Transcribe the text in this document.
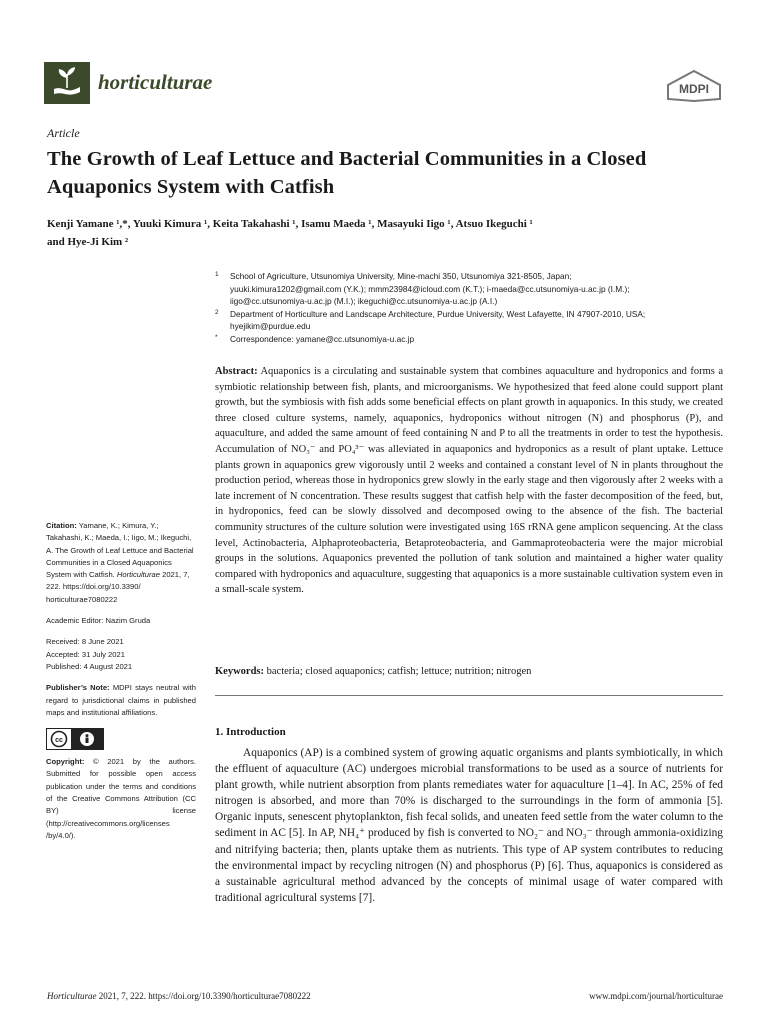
horticulturae	MDPI
Article
The Growth of Leaf Lettuce and Bacterial Communities in a Closed Aquaponics System with Catfish
Kenji Yamane ¹,*, Yuuki Kimura ¹, Keita Takahashi ¹, Isamu Maeda ¹, Masayuki Iigo ¹, Atsuo Ikeguchi ¹
and Hye-Ji Kim ²
1 School of Agriculture, Utsunomiya University, Mine-machi 350, Utsunomiya 321-8505, Japan;
yuuki.kimura1202@gmail.com (Y.K.); mmm23984@icloud.com (K.T.); i-maeda@cc.utsunomiya-u.ac.jp (I.M.);
iigo@cc.utsunomiya-u.ac.jp (M.I.); ikeguchi@cc.utsunomiya-u.ac.jp (A.I.)
2 Department of Horticulture and Landscape Architecture, Purdue University, West Lafayette, IN 47907-2010, USA;
hyejikim@purdue.edu
* Correspondence: yamane@cc.utsunomiya-u.ac.jp
Abstract: Aquaponics is a circulating and sustainable system that combines aquaculture and hydroponics and forms a symbiotic relationship between fish, plants, and microorganisms. We hypothesized that feed alone could support plant growth, but the symbiosis with fish adds some beneficial effects on plant growth in aquaponics. In this study, we created three closed culture systems, namely, aquaponics, hydroponics without nitrogen (N) and phosphorus (P), and aquaculture, and added the same amount of feed containing N and P to all the treatments in order to test the hypothesis. Accumulation of NO₃⁻ and PO₄³⁻ was alleviated in aquaponics and hydroponics as a result of plant uptake. Lettuce plants grown in aquaponics grew vigorously until 2 weeks and contained a constant level of N in plants throughout the production period, whereas those in hydroponics grew slowly in the early stage and then vigorously after 2 weeks with a late increment of N concentration. These results suggest that catfish help with the faster decomposition of the feed, but, in hydroponics, feed can be slowly dissolved and decomposed owing to the absence of the fish. The bacterial community structures of the culture solution were investigated using 16S rRNA gene amplicon sequencing. At the class level, Actinobacteria, Alphaproteobacteria, Betaproteobacteria, and Gammaproteobacteria were the major microbial groups in the solutions. Aquaponics prevented the pollution of tank solution and maintained a higher water quality compared with hydroponics and aquaculture, suggesting that aquaponics is a more sustainable cultivation system even in a small-scale system.
Keywords: bacteria; closed aquaponics; catfish; lettuce; nutrition; nitrogen
1. Introduction
Aquaponics (AP) is a combined system of growing aquatic organisms and plants symbiotically, in which the effluent of aquaculture (AC) undergoes microbial transformations to be used as a source of nutrients for plant growth, while nutrient absorption from plants remediates water for aquaculture [1–4]. In AC, 25% of fed nitrogen is absorbed, and more than 70% is discharged to the surroundings in the form of ammonia [5]. Organic inputs, senescent phytoplankton, fish fecal solids, and uneaten feed settle from the water column to the sediment in AC [5]. In AP, NH₄⁺ produced by fish is converted to NO₂⁻ and NO₃⁻ through ammonia-oxidizing and nitrifying bacteria; then, plants uptake them as nutrients. This type of AP system contributes to reducing the environmental impact by recycling nitrogen (N) and phosphorus (P) [6]. Thus, aquaponics is considered as a sustainable agricultural method advanced by the concepts of minimal usage of water compared with traditional agricultural systems [7].
Citation: Yamane, K.; Kimura, Y.; Takahashi, K.; Maeda, I.; Iigo, M.; Ikeguchi, A. The Growth of Leaf Lettuce and Bacterial Communities in a Closed Aquaponics System with Catfish. Horticulturae 2021, 7, 222. https://doi.org/10.3390/ horticulturae7080222
Academic Editor: Nazim Gruda
Received: 8 June 2021
Accepted: 31 July 2021
Published: 4 August 2021
Publisher’s Note: MDPI stays neutral with regard to jurisdictional claims in published maps and institutional affiliations.
cc
Copyright: © 2021 by the authors. Submitted for possible open access publication under the terms and conditions of the Creative Commons Attribution (CC BY) license (http://creativecommons.org/licenses /by/4.0/).
Horticulturae 2021, 7, 222. https://doi.org/10.3390/horticulturae7080222	www.mdpi.com/journal/horticulturae
